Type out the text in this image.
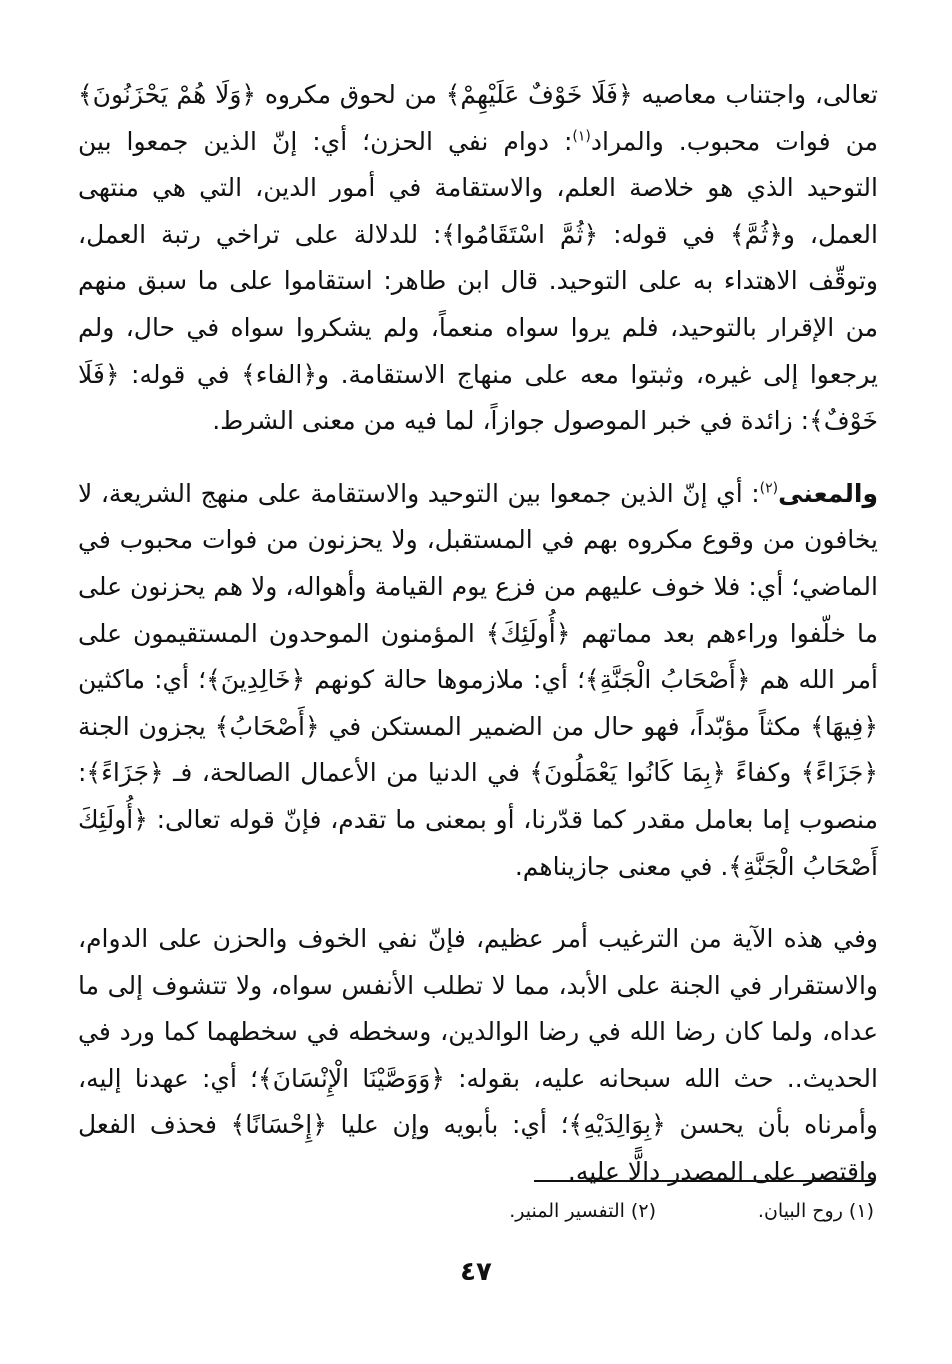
تعالى، واجتناب معاصيه ﴿فَلَا خَوْفٌ عَلَيْهِمْ﴾ من لحوق مكروه ﴿وَلَا هُمْ يَحْزَنُونَ﴾ من فوات محبوب. والمراد$^{(١)}$: دوام نفي الحزن؛ أي: إنّ الذين جمعوا بين التوحيد الذي هو خلاصة العلم، والاستقامة في أمور الدين، التي هي منتهى العمل، و﴿ثُمَّ﴾ في قوله: ﴿ثُمَّ اسْتَقَامُوا﴾: للدلالة على تراخي رتبة العمل، وتوقّف الاهتداء به على التوحيد. قال ابن طاهر: استقاموا على ما سبق منهم من الإقرار بالتوحيد، فلم يروا سواه منعماً، ولم يشكروا سواه في حال، ولم يرجعوا إلى غيره، وثبتوا معه على منهاج الاستقامة. و﴿الفاء﴾ في قوله: ﴿فَلَا خَوْفٌ﴾: زائدة في خبر الموصول جوازاً، لما فيه من معنى الشرط.

والمعنى$^{(٢)}$: أي إنّ الذين جمعوا بين التوحيد والاستقامة على منهج الشريعة، لا يخافون من وقوع مكروه بهم في المستقبل، ولا يحزنون من فوات محبوب في الماضي؛ أي: فلا خوف عليهم من فزع يوم القيامة وأهواله، ولا هم يحزنون على ما خلّفوا وراءهم بعد مماتهم ﴿أُولَئِكَ﴾ المؤمنون الموحدون المستقيمون على أمر الله هم ﴿أَصْحَابُ الْجَنَّةِ﴾؛ أي: ملازموها حالة كونهم ﴿خَالِدِينَ﴾؛ أي: ماكثين ﴿فِيهَا﴾ مكثاً مؤبّداً، فهو حال من الضمير المستكن في ﴿أَصْحَابُ﴾ يجزون الجنة ﴿جَزَاءً﴾ وكفاءً ﴿بِمَا كَانُوا يَعْمَلُونَ﴾ في الدنيا من الأعمال الصالحة، فـ ﴿جَزَاءً﴾: منصوب إما بعامل مقدر كما قدّرنا، أو بمعنى ما تقدم، فإنّ قوله تعالى: ﴿أُولَئِكَ أَصْحَابُ الْجَنَّةِ﴾. في معنى جازيناهم.

وفي هذه الآية من الترغيب أمر عظيم، فإنّ نفي الخوف والحزن على الدوام، والاستقرار في الجنة على الأبد، مما لا تطلب الأنفس سواه، ولا تتشوف إلى ما عداه، ولما كان رضا الله في رضا الوالدين، وسخطه في سخطهما كما ورد في الحديث.. حث الله سبحانه عليه، بقوله: ﴿وَوَصَّيْنَا الْإِنْسَانَ﴾؛ أي: عهدنا إليه، وأمرناه بأن يحسن ﴿بِوَالِدَيْهِ﴾؛ أي: بأبويه وإن عليا ﴿إِحْسَانًا﴾ فحذف الفعل واقتصر على المصدر دالًّا عليه.

(١) روح البيان.
(٢) التفسير المنير.
٤٧
